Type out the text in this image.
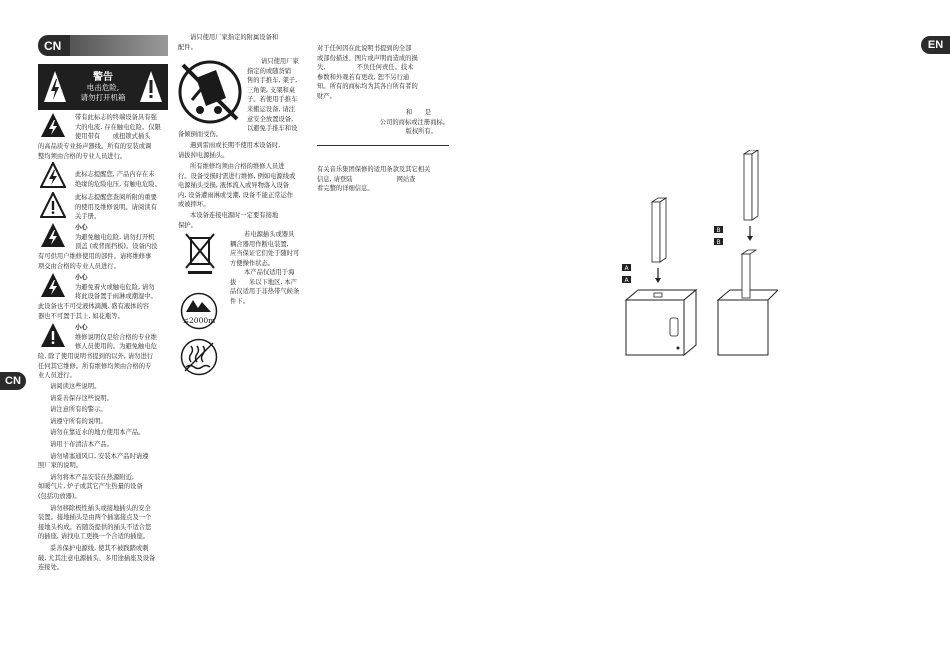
CN
CN
EN
警告
电击危险,
请勿打开机箱
带有此标志的终端设备具有强
大的电流, 存在触电危险。仅限
使用带有　　或扭锁式插头
的高品质专业扬声器线。所有的安装或调
整均须由合格的专业人员进行。
此标志提醒您, 产品内存在未
绝缘的危险电压, 有触电危险。
此标志提醒您查阅所附的重要
的使用及维修说明。请阅读有
关手册。
小心
为避免触电危险, 请勿打开机
顶盖 (或背面挡板)。设备内没
有可供用户维修使用的部件。请将维修事
项交由合格的专业人员进行。
小心
为避免着火或触电危险, 请勿
将此设备置于雨淋或潮湿中。
此设备也不可受液体滴溅, 盛有液体的容
器也不可置于其上, 如花瓶等。
小心
维修说明仅是给合格的专业维
修人员使用的。为避免触电危
险, 除了使用说明书提到的以外, 请勿进行
任何其它维修。所有维修均须由合格的专
业人员进行。
请阅读这些说明。
请妥善保存这些说明。
请注意所有的警示。
请遵守所有的说明。
请勿在靠近水的地方使用本产品。
请用干布清洁本产品。
请勿堵塞通风口, 安装本产品时请遵
照厂家的说明。
请勿将本产品安装在热源附近,
如暖气片, 炉子或其它产生热量的设备
(包括功放器)。
请勿移除极性插头或接地插头的安全
装置。接地插头是由两个插塞接点及一个
接地头构成。若随货提供的插头不适合您
的插座, 请找电工更换一个合适的插座。
妥善保护电源线, 使其不被践踏或刺
破, 尤其注意电源插头、多用途插座及设备
连接处。
请只使用厂家指定的附属设备和
配件。
请只使用厂家
指定的或随货销
售的手推车, 架子,
三角架, 支架和桌
子。若使用手推车
来搬运设备, 请注
意安全放置设备,
以避免手推车和设
备倾倒而受伤。
遇到雷雨或长期不使用本设备时,
请拔掉电源插头。
所有维修均须由合格的维修人员进
行。设备受损时需进行维修, 例如电源线或
电源插头受损, 液体流入或异物落入设备
内, 设备遭雨淋或受潮, 设备不能正常运作
或被摔坏。
本设备连接电源时一定要有接地
保护。
若电源插头或器具
耦合器用作断电装置,
应当保证它们处于随时可
方便操作状态。
≤2000m
本产品仅适用于海
拔　　米以下地区, 本产
品仅适用于非热带气候条
件下。
对于任何因在此说明书提到的全部
或部份描述、图片或声明而造成的损
失,　　　　　不负任何责任。技术
参数和外观若有更改, 恕不另行通
知。所有的商标均为其各自所有者的
财产。
和　　是
公司的商标或注册商标。
版权所有。
有关音乐集团保修的适用条款及其它相关
信息, 请登陆　　　　　　　网站查
看完整的详细信息。
A
A
B
B
